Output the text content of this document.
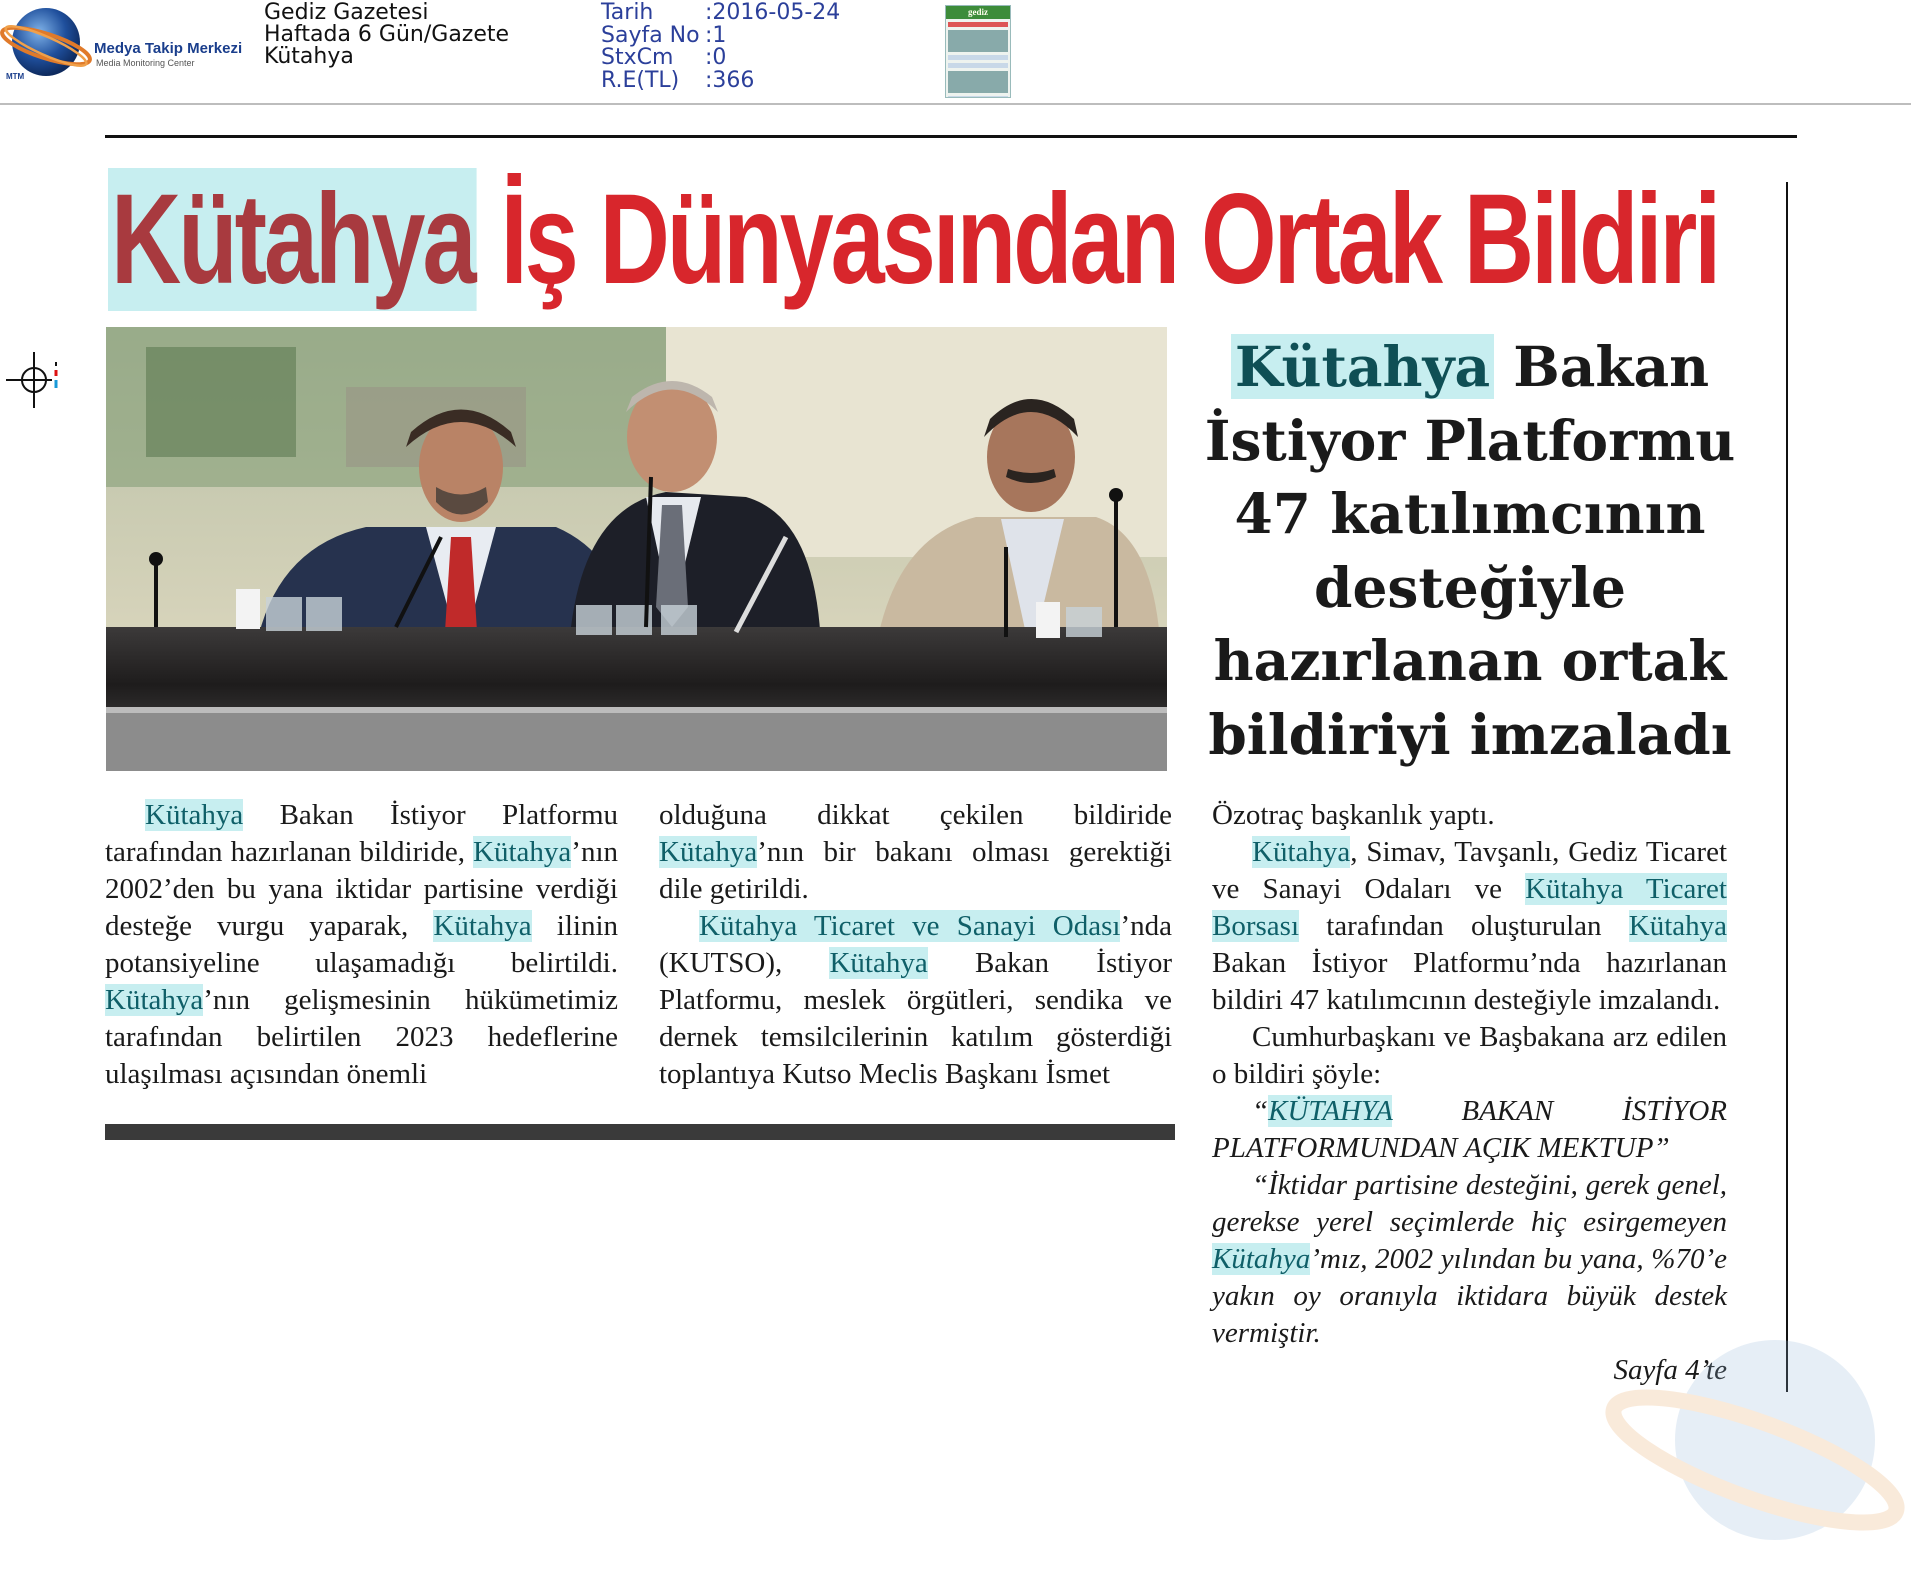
Medya Takip Merkezi
Media Monitoring Center
MTM
Gediz Gazetesi
Haftada 6 Gün/Gazete
Kütahya
Tarih	:2016-05-24
Sayfa No :1
StxCm	:0
R.E(TL)	:366
gediz
Kütahya İş Dünyasından Ortak Bildiri
Kütahya Bakan
İstiyor Platformu
47 katılımcının
desteğiyle
hazırlanan ortak
bildiriyi imzaladı

Kütahya Bakan İstiyor Platformu tarafından hazırlanan bildiride, Kütahya’nın 2002’den bu yana iktidar partisine verdiği desteğe vurgu yaparak, Kütahya ilinin potansiyeline ulaşamadığı belirtildi. Kütahya’nın gelişmesinin hükümetimiz tarafından belirtilen 2023 hedeflerine ulaşılması açısından önemli

olduğuna dikkat çekilen bildiride Kütahya’nın bir bakanı olması gerektiği dile getirildi.

Kütahya Ticaret ve Sanayi Odası’nda (KUTSO), Kütahya Bakan İstiyor Platformu, meslek örgütleri, sendika ve dernek temsilcilerinin katılım gösterdiği toplantıya Kutso Meclis Başkanı İsmet

Özotraç başkanlık yaptı.

Kütahya, Simav, Tavşanlı, Gediz Ticaret ve Sanayi Odaları ve Kütahya Ticaret Borsası tarafından oluşturulan Kütahya Bakan İstiyor Platformu’nda hazırlanan bildiri 47 katılımcının desteğiyle imzalandı.

Cumhurbaşkanı ve Başbakana arz edilen o bildiri şöyle:

“KÜTAHYA BAKAN İSTİYOR PLATFORMUNDAN AÇIK MEKTUP”

“İktidar partisine desteğini, gerek genel, gerekse yerel seçimlerde hiç esirgemeyen Kütahya’mız, 2002 yılından bu yana, %70’e yakın oy oranıyla iktidara büyük destek vermiştir.

Sayfa 4’te
